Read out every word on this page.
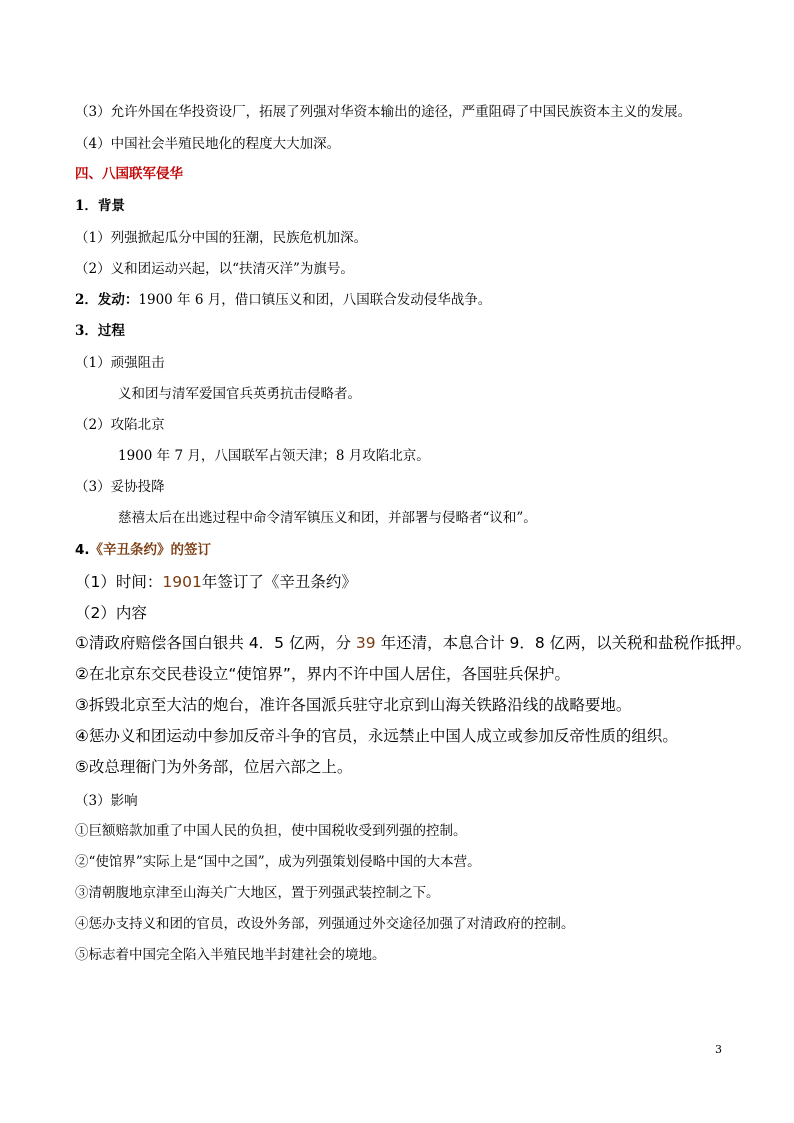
（3）允许外国在华投资设厂，拓展了列强对华资本输出的途径，严重阻碍了中国民族资本主义的发展。
（4）中国社会半殖民地化的程度大大加深。
四、八国联军侵华
1．背景
（1）列强掀起瓜分中国的狂潮，民族危机加深。
（2）义和团运动兴起，以“扶清灭洋”为旗号。
2．发动：1900 年 6 月，借口镇压义和团，八国联合发动侵华战争。
3．过程
（1）顽强阻击
义和团与清军爱国官兵英勇抗击侵略者。
（2）攻陷北京
1900 年 7 月，八国联军占领天津；8 月攻陷北京。
（3）妥协投降
慈禧太后在出逃过程中命令清军镇压义和团，并部署与侵略者“议和”。
4.《辛丑条约》的签订
（1）时间：1901年签订了《辛丑条约》
（2）内容
①清政府赔偿各国白银共 4．5 亿两，分 39 年还清，本息合计 9．8 亿两，以关税和盐税作抵押。
②在北京东交民巷设立“使馆界”，界内不许中国人居住，各国驻兵保护。
③拆毁北京至大沽的炮台，准许各国派兵驻守北京到山海关铁路沿线的战略要地。
④惩办义和团运动中参加反帝斗争的官员，永远禁止中国人成立或参加反帝性质的组织。
⑤改总理衙门为外务部，位居六部之上。
（3）影响
①巨额赔款加重了中国人民的负担，使中国税收受到列强的控制。
②“使馆界”实际上是“国中之国”，成为列强策划侵略中国的大本营。
③清朝腹地京津至山海关广大地区，置于列强武装控制之下。
④惩办支持义和团的官员，改设外务部，列强通过外交途径加强了对清政府的控制。
⑤标志着中国完全陷入半殖民地半封建社会的境地。
3
